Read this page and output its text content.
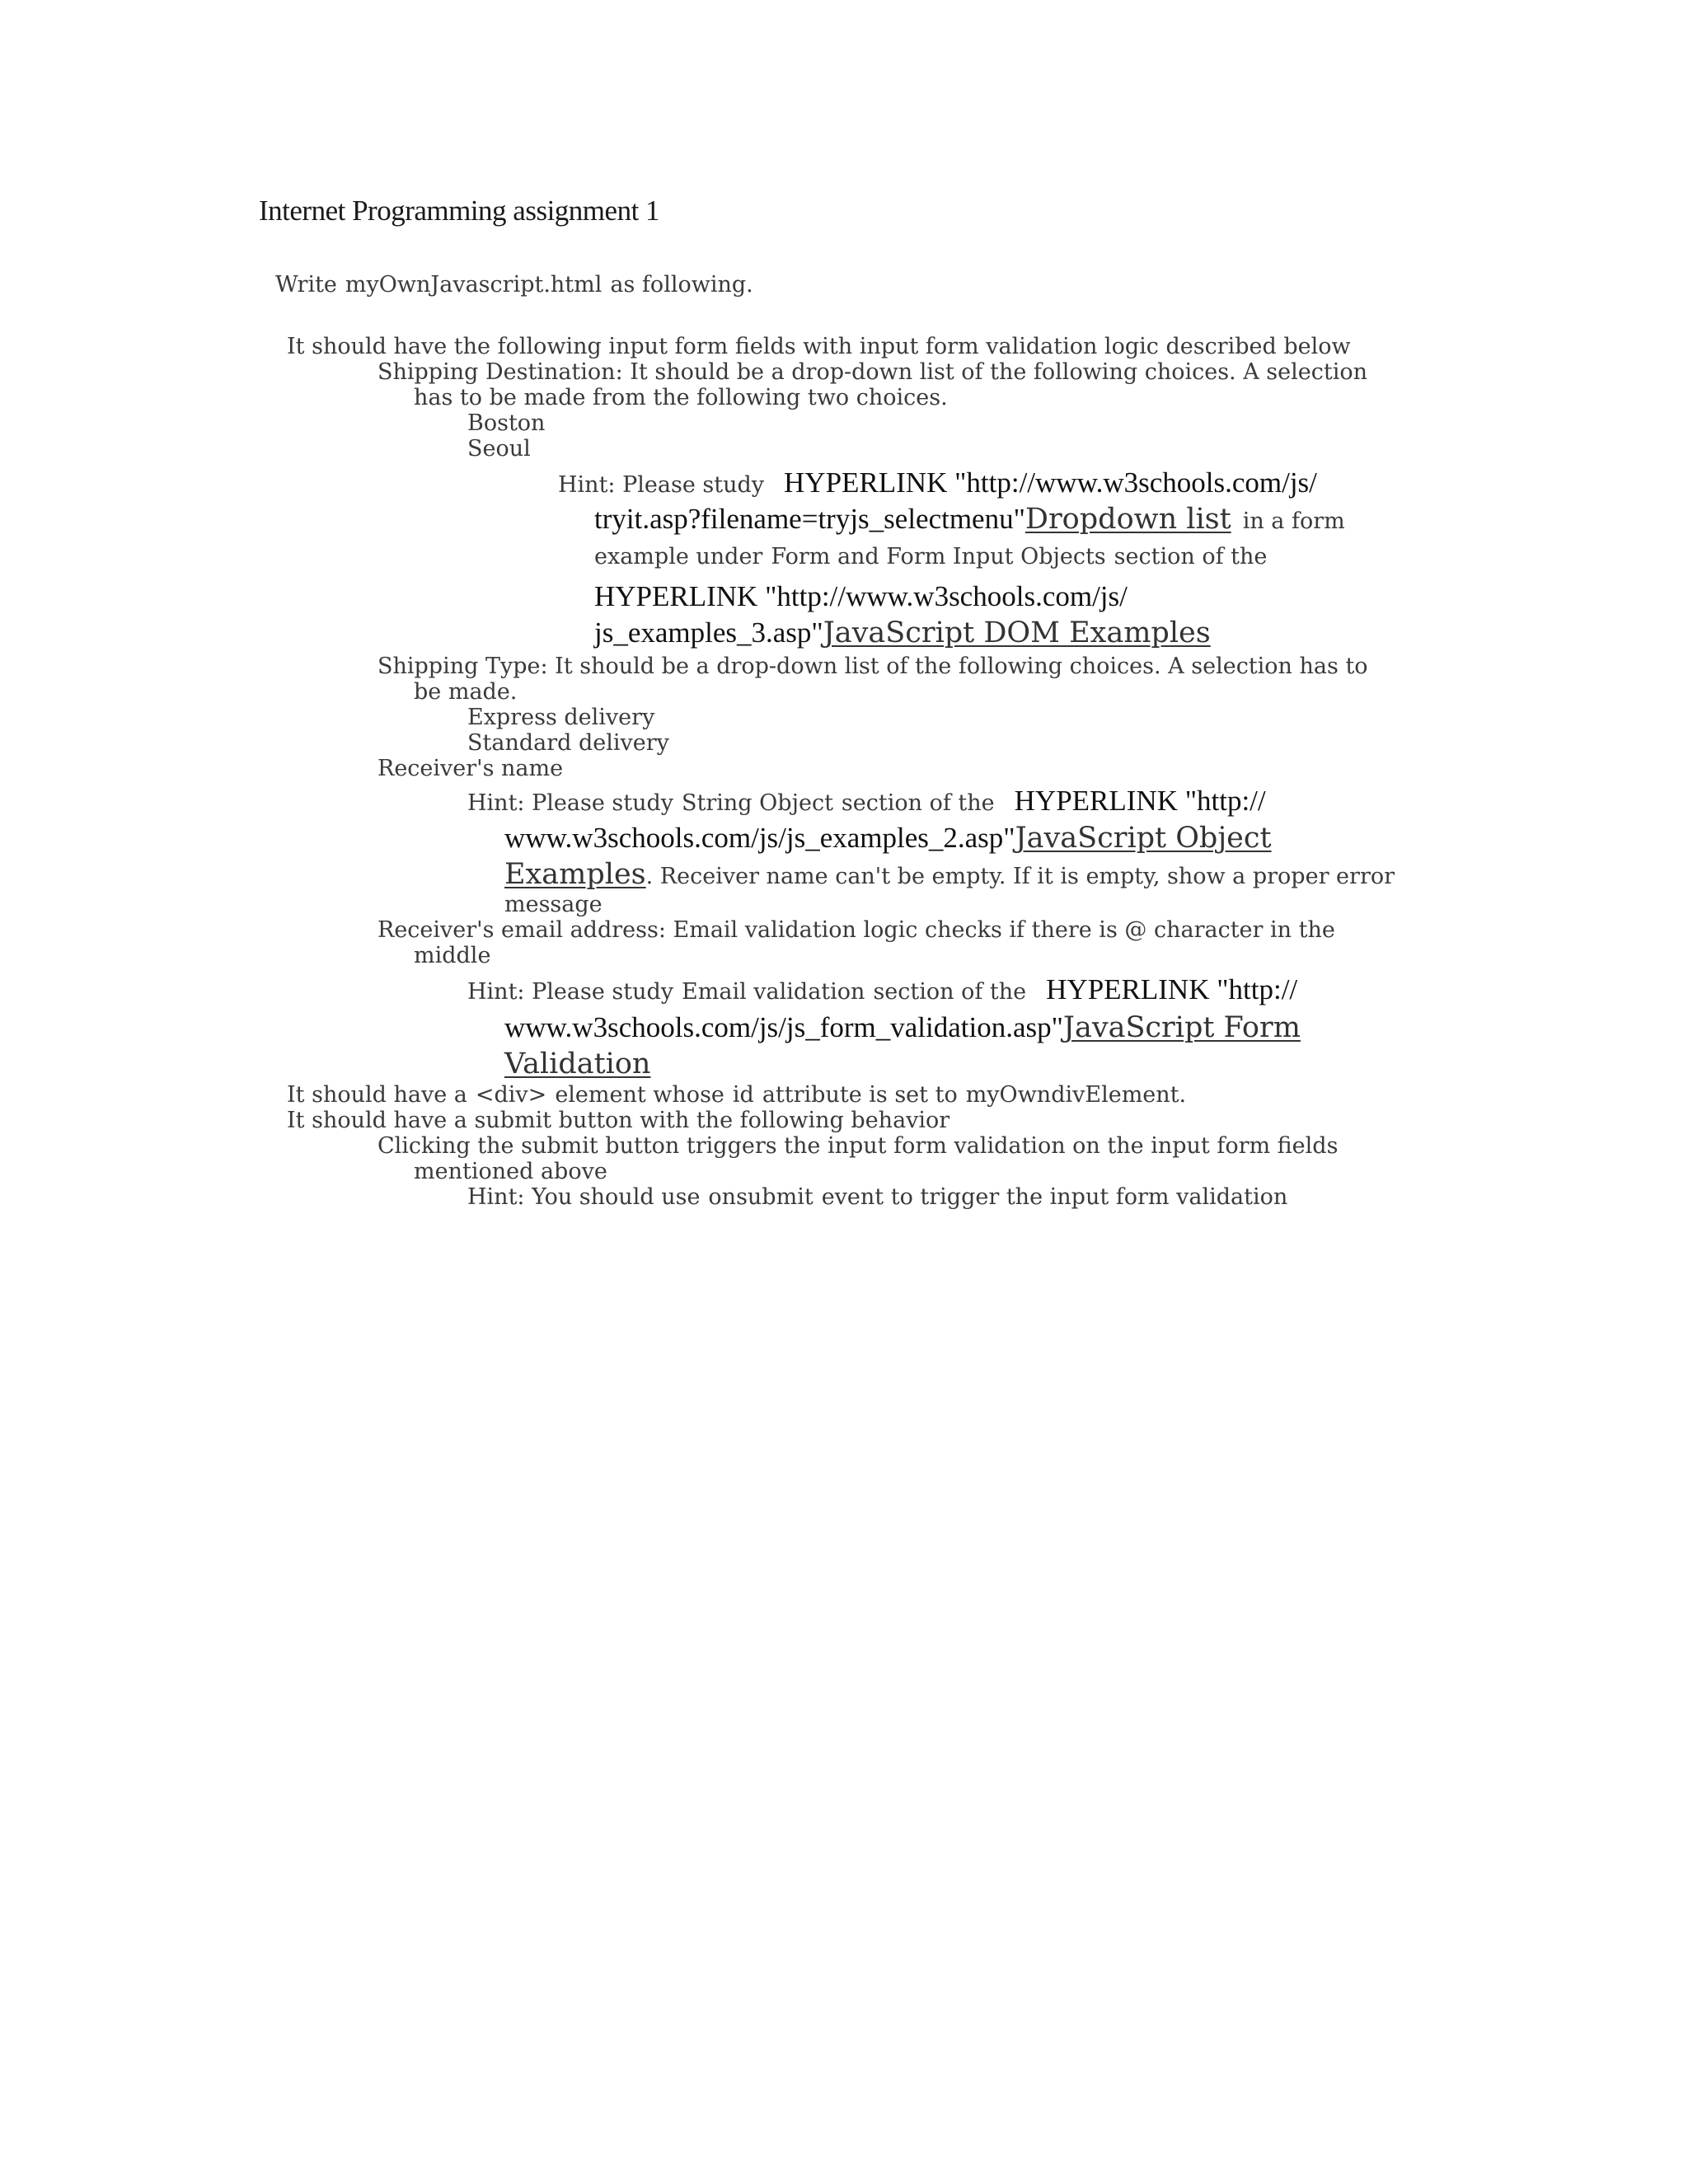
Internet Programming assignment 1
Write myOwnJavascript.html as following.
It should have the following input form fields with input form validation logic described below
Shipping Destination: It should be a drop-down list of the following choices. A selection
has to be made from the following two choices.
Boston
Seoul
Hint: Please study HYPERLINK "http://www.w3schools.com/js/
tryit.asp?filename=tryjs_selectmenu"Dropdown list in a form
example under Form and Form Input Objects section of the
HYPERLINK "http://www.w3schools.com/js/
js_examples_3.asp"JavaScript DOM Examples
Shipping Type: It should be a drop-down list of the following choices. A selection has to
be made.
Express delivery
Standard delivery
Receiver's name
Hint: Please study String Object section of the HYPERLINK "http://
www.w3schools.com/js/js_examples_2.asp"JavaScript Object
Examples. Receiver name can't be empty. If it is empty, show a proper error
message
Receiver's email address: Email validation logic checks if there is @ character in the
middle
Hint: Please study Email validation section of the HYPERLINK "http://
www.w3schools.com/js/js_form_validation.asp"JavaScript Form
Validation
It should have a <div> element whose id attribute is set to myOwndivElement.
It should have a submit button with the following behavior
Clicking the submit button triggers the input form validation on the input form fields
mentioned above
Hint: You should use onsubmit event to trigger the input form validation
